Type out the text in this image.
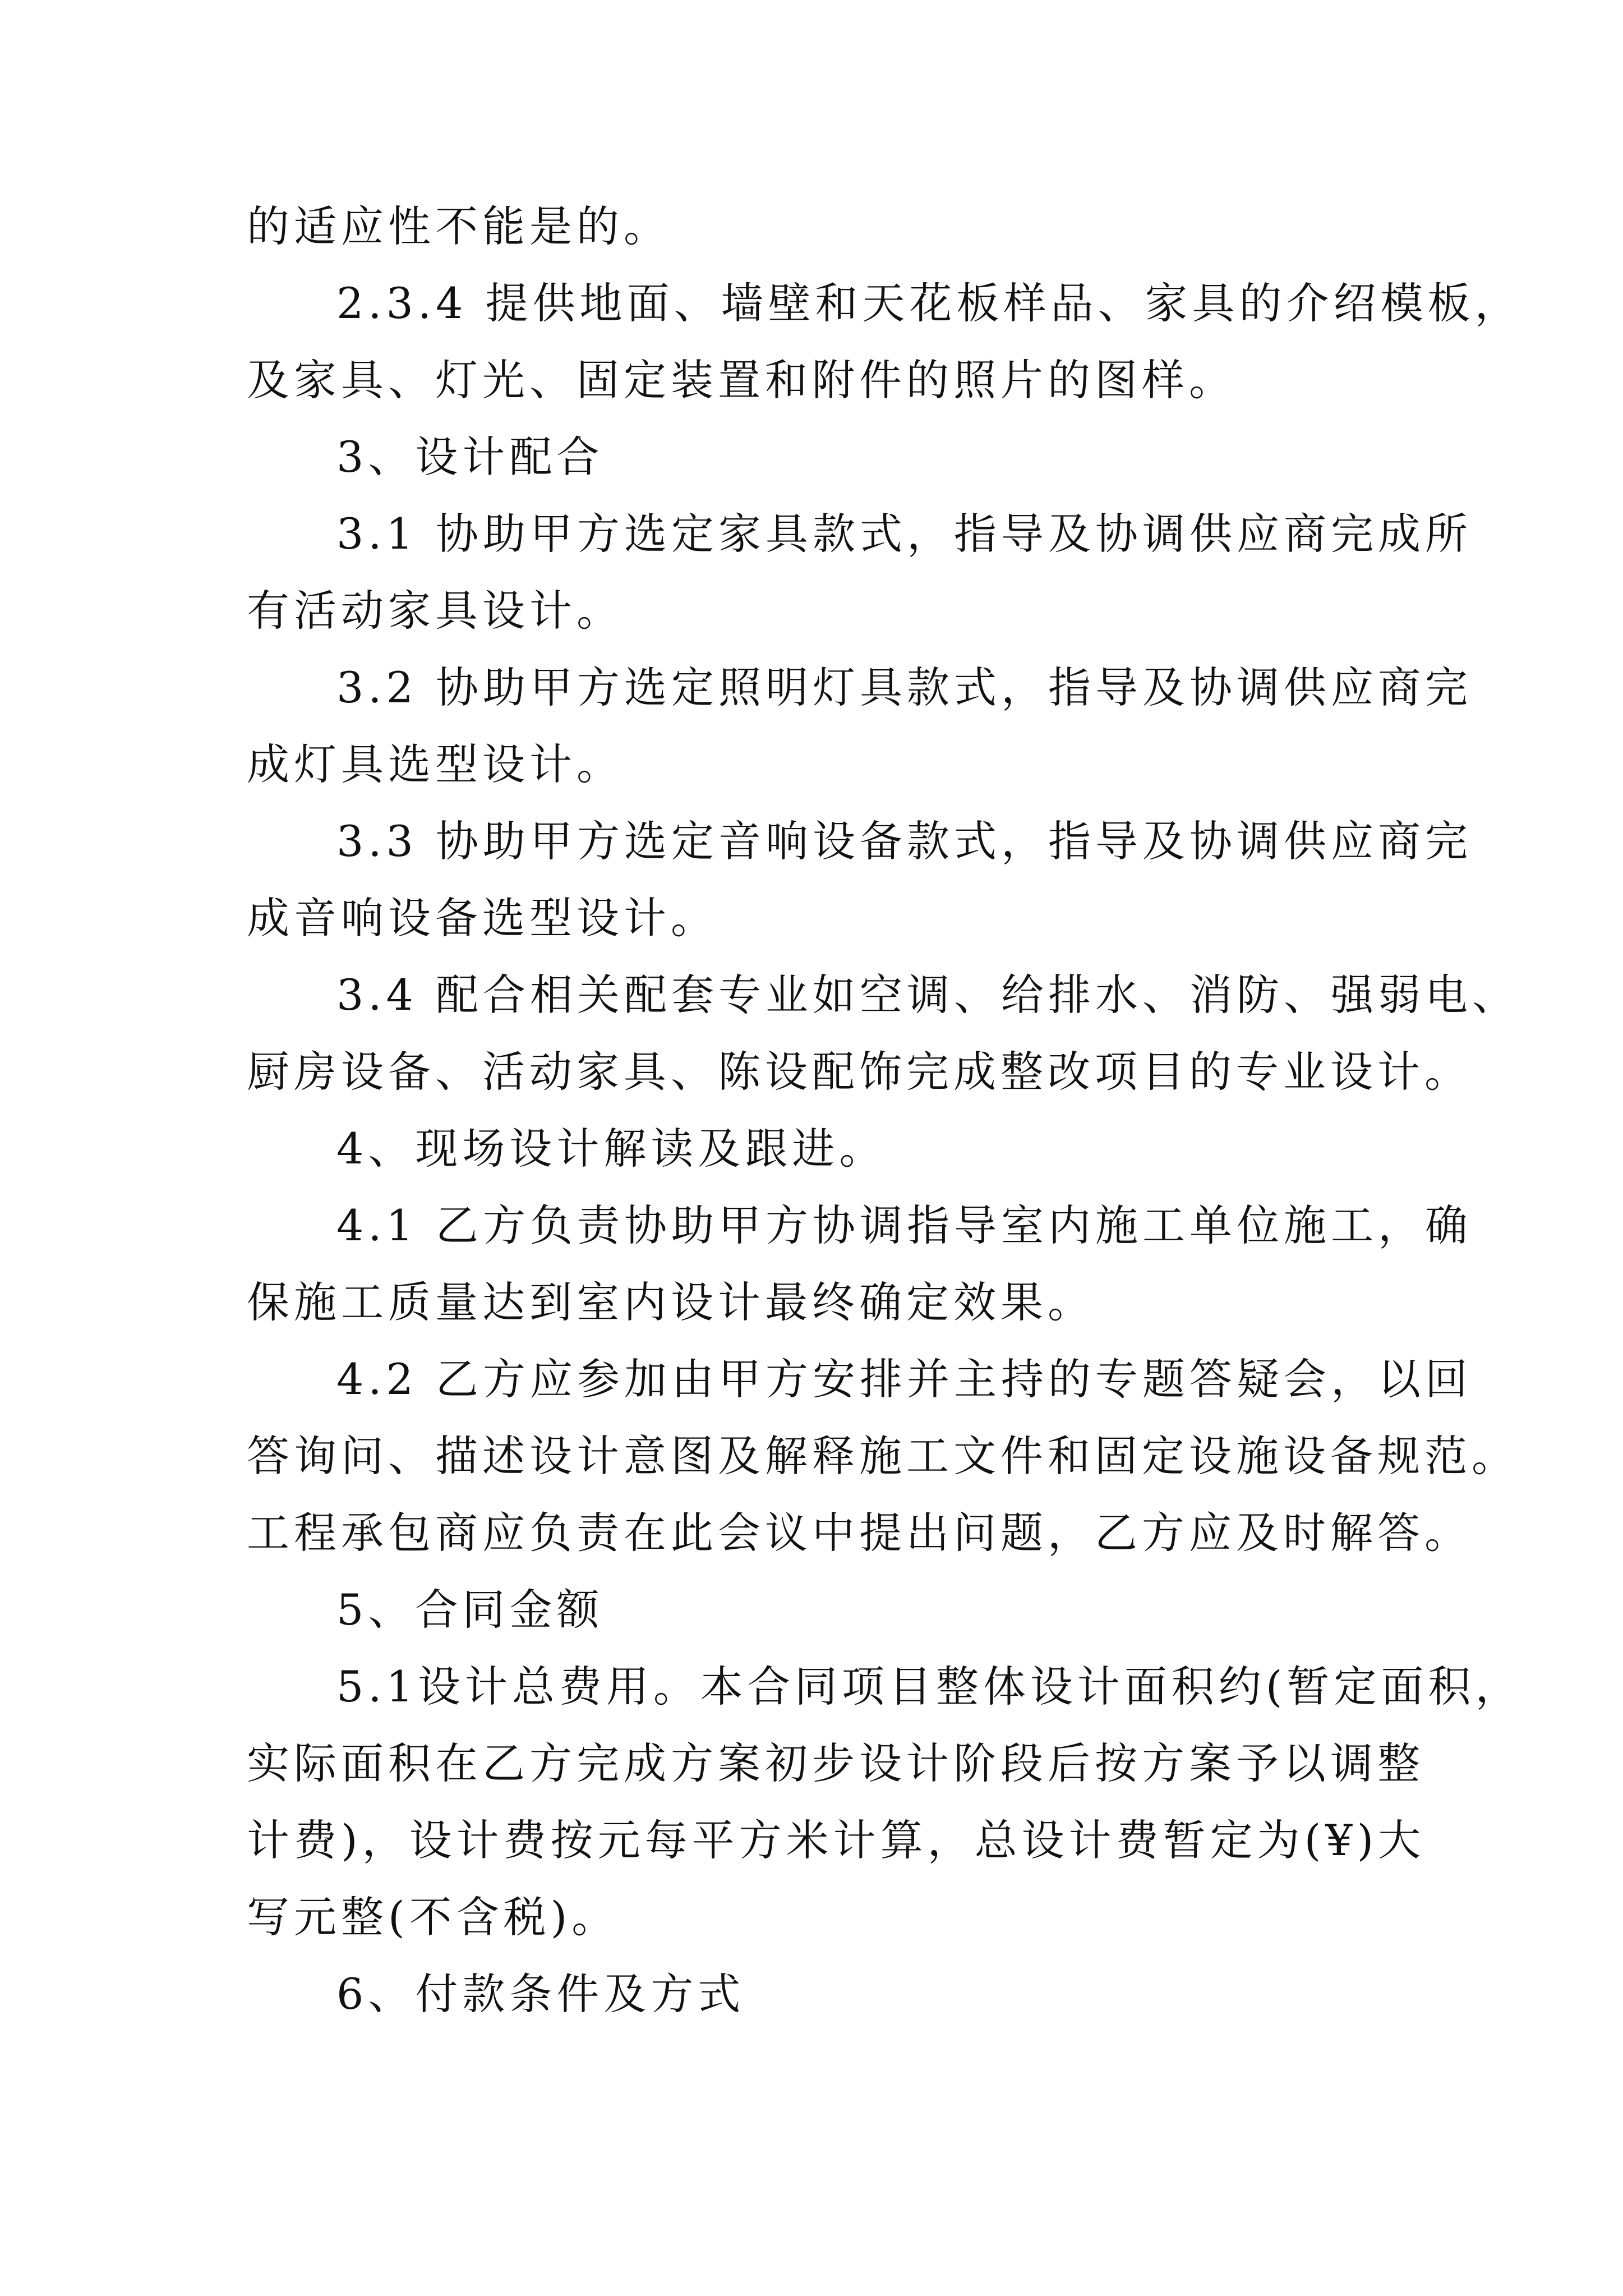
的适应性不能是的。

2.3.4 提供地面、墙壁和天花板样品、家具的介绍模板，

及家具、灯光、固定装置和附件的照片的图样。

3、设计配合

3.1 协助甲方选定家具款式，指导及协调供应商完成所

有活动家具设计。

3.2 协助甲方选定照明灯具款式，指导及协调供应商完

成灯具选型设计。

3.3 协助甲方选定音响设备款式，指导及协调供应商完

成音响设备选型设计。

3.4 配合相关配套专业如空调、给排水、消防、强弱电、

厨房设备、活动家具、陈设配饰完成整改项目的专业设计。

4、现场设计解读及跟进。

4.1 乙方负责协助甲方协调指导室内施工单位施工，确

保施工质量达到室内设计最终确定效果。

4.2 乙方应参加由甲方安排并主持的专题答疑会，以回

答询问、描述设计意图及解释施工文件和固定设施设备规范。

工程承包商应负责在此会议中提出问题，乙方应及时解答。

5、合同金额

5.1设计总费用。本合同项目整体设计面积约(暂定面积，

实际面积在乙方完成方案初步设计阶段后按方案予以调整

计费)，设计费按元每平方米计算，总设计费暂定为(¥)大

写元整(不含税)。

6、付款条件及方式
